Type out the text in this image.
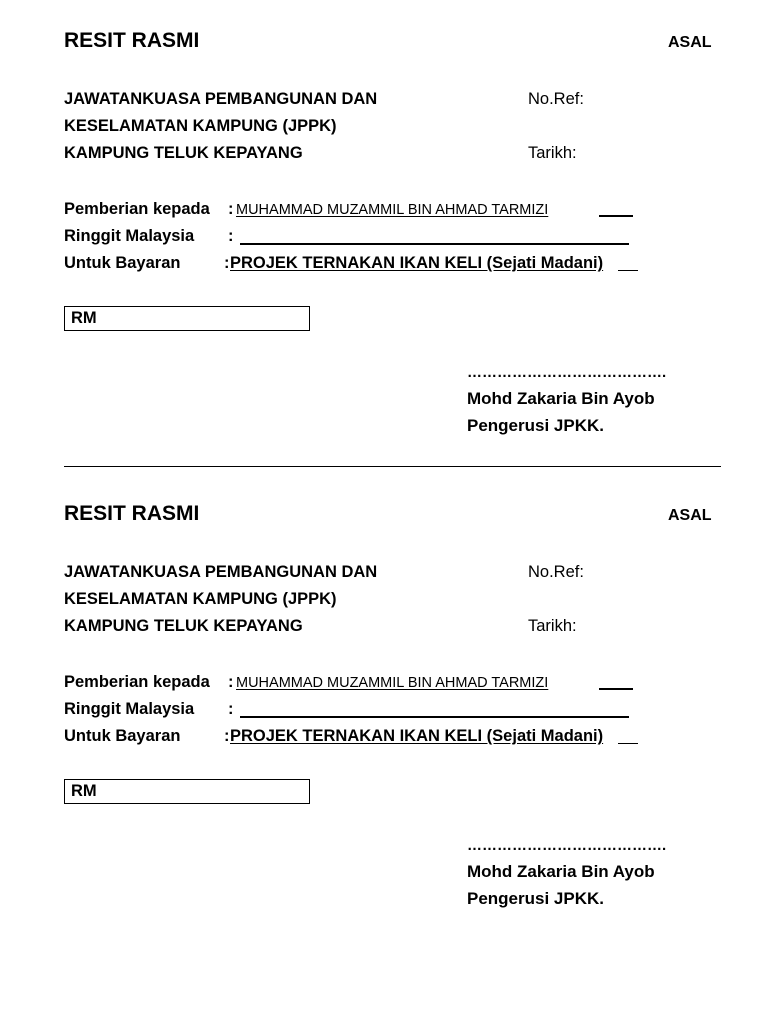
RESIT RASMI	ASAL
JAWATANKUASA PEMBANGUNAN DAN
KESELAMATAN KAMPUNG (JPPK)
KAMPUNG TELUK KEPAYANG
No.Ref:
Tarikh:
Pemberian kepada : MUHAMMAD MUZAMMIL BIN AHMAD TARMIZI
Ringgit Malaysia :
Untuk Bayaran	: PROJEK TERNAKAN IKAN KELI (Sejati Madani)
RM
………………………………….
Mohd Zakaria Bin Ayob
Pengerusi JPKK.
RESIT RASMI	ASAL
JAWATANKUASA PEMBANGUNAN DAN
KESELAMATAN KAMPUNG (JPPK)
KAMPUNG TELUK KEPAYANG
No.Ref:
Tarikh:
Pemberian kepada : MUHAMMAD MUZAMMIL BIN AHMAD TARMIZI
Ringgit Malaysia :
Untuk Bayaran	: PROJEK TERNAKAN IKAN KELI (Sejati Madani)
RM
………………………………….
Mohd Zakaria Bin Ayob
Pengerusi JPKK.
